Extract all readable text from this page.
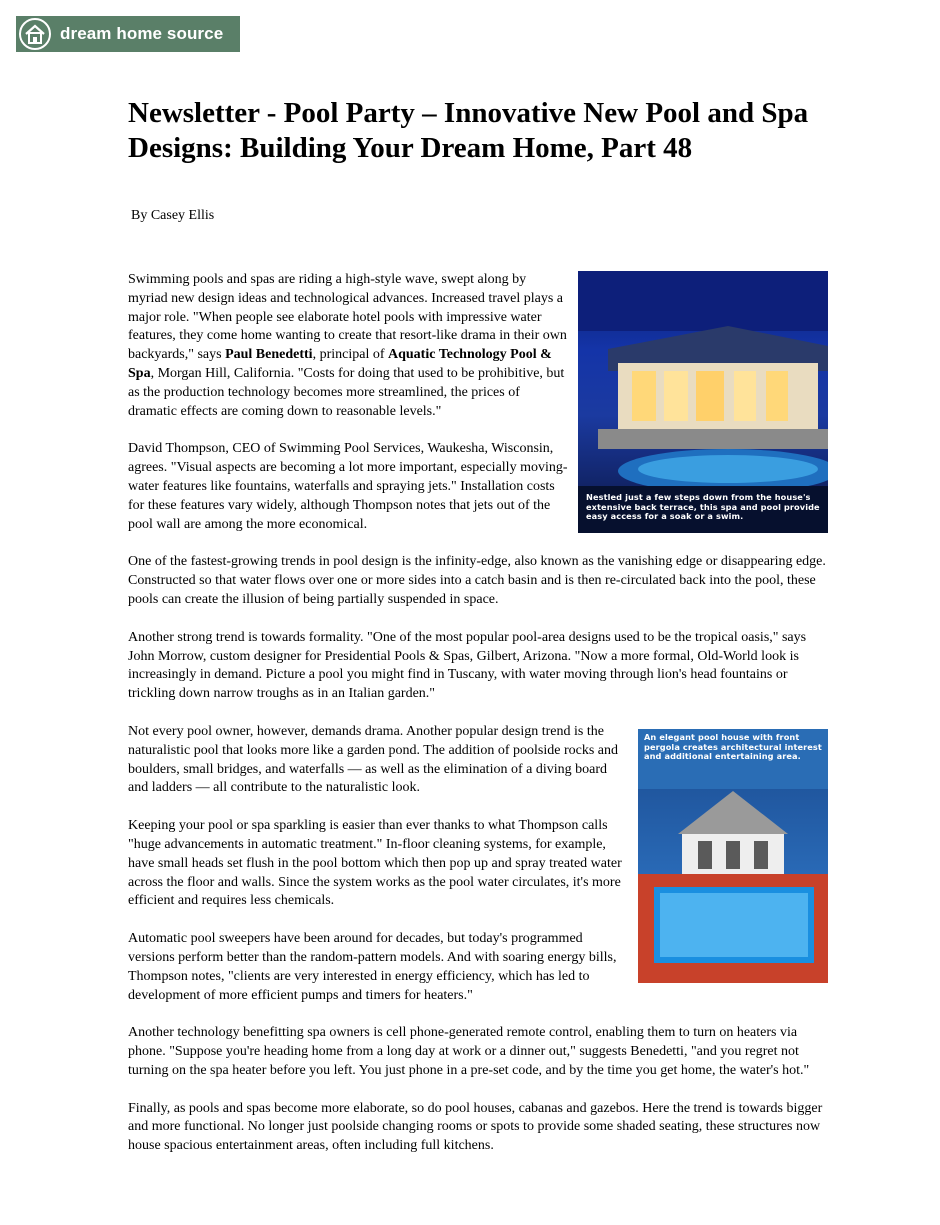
dream home source
Newsletter - Pool Party – Innovative New Pool and Spa Designs: Building Your Dream Home, Part 48

By Casey Ellis

Nestled just a few steps down from the house's extensive back terrace, this spa and pool provide easy access for a soak or a swim.

Swimming pools and spas are riding a high-style wave, swept along by myriad new design ideas and technological advances. Increased travel plays a major role. "When people see elaborate hotel pools with impressive water features, they come home wanting to create that resort-like drama in their own backyards," says Paul Benedetti, principal of Aquatic Technology Pool & Spa, Morgan Hill, California. "Costs for doing that used to be prohibitive, but as the production technology becomes more streamlined, the prices of dramatic effects are coming down to reasonable levels."

David Thompson, CEO of Swimming Pool Services, Waukesha, Wisconsin, agrees. "Visual aspects are becoming a lot more important, especially moving-water features like fountains, waterfalls and spraying jets." Installation costs for these features vary widely, although Thompson notes that jets out of the pool wall are among the more economical.

One of the fastest-growing trends in pool design is the infinity-edge, also known as the vanishing edge or disappearing edge. Constructed so that water flows over one or more sides into a catch basin and is then re-circulated back into the pool, these pools can create the illusion of being partially suspended in space.

Another strong trend is towards formality. "One of the most popular pool-area designs used to be the tropical oasis," says John Morrow, custom designer for Presidential Pools & Spas, Gilbert, Arizona. "Now a more formal, Old-World look is increasingly in demand. Picture a pool you might find in Tuscany, with water moving through lion's head fountains or trickling down narrow troughs as in an Italian garden."

An elegant pool house with front pergola creates architectural interest and additional entertaining area.

Not every pool owner, however, demands drama. Another popular design trend is the naturalistic pool that looks more like a garden pond. The addition of poolside rocks and boulders, small bridges, and waterfalls — as well as the elimination of a diving board and ladders — all contribute to the naturalistic look.

Keeping your pool or spa sparkling is easier than ever thanks to what Thompson calls "huge advancements in automatic treatment." In-floor cleaning systems, for example, have small heads set flush in the pool bottom which then pop up and spray treated water across the floor and walls. Since the system works as the pool water circulates, it's more efficient and requires less chemicals.

Automatic pool sweepers have been around for decades, but today's programmed versions perform better than the random-pattern models. And with soaring energy bills, Thompson notes, "clients are very interested in energy efficiency, which has led to development of more efficient pumps and timers for heaters."

Another technology benefitting spa owners is cell phone-generated remote control, enabling them to turn on heaters via phone. "Suppose you're heading home from a long day at work or a dinner out," suggests Benedetti, "and you regret not turning on the spa heater before you left. You just phone in a pre-set code, and by the time you get home, the water's hot."

Finally, as pools and spas become more elaborate, so do pool houses, cabanas and gazebos. Here the trend is towards bigger and more functional. No longer just poolside changing rooms or spots to provide some shaded seating, these structures now house spacious entertainment areas, often including full kitchens.
